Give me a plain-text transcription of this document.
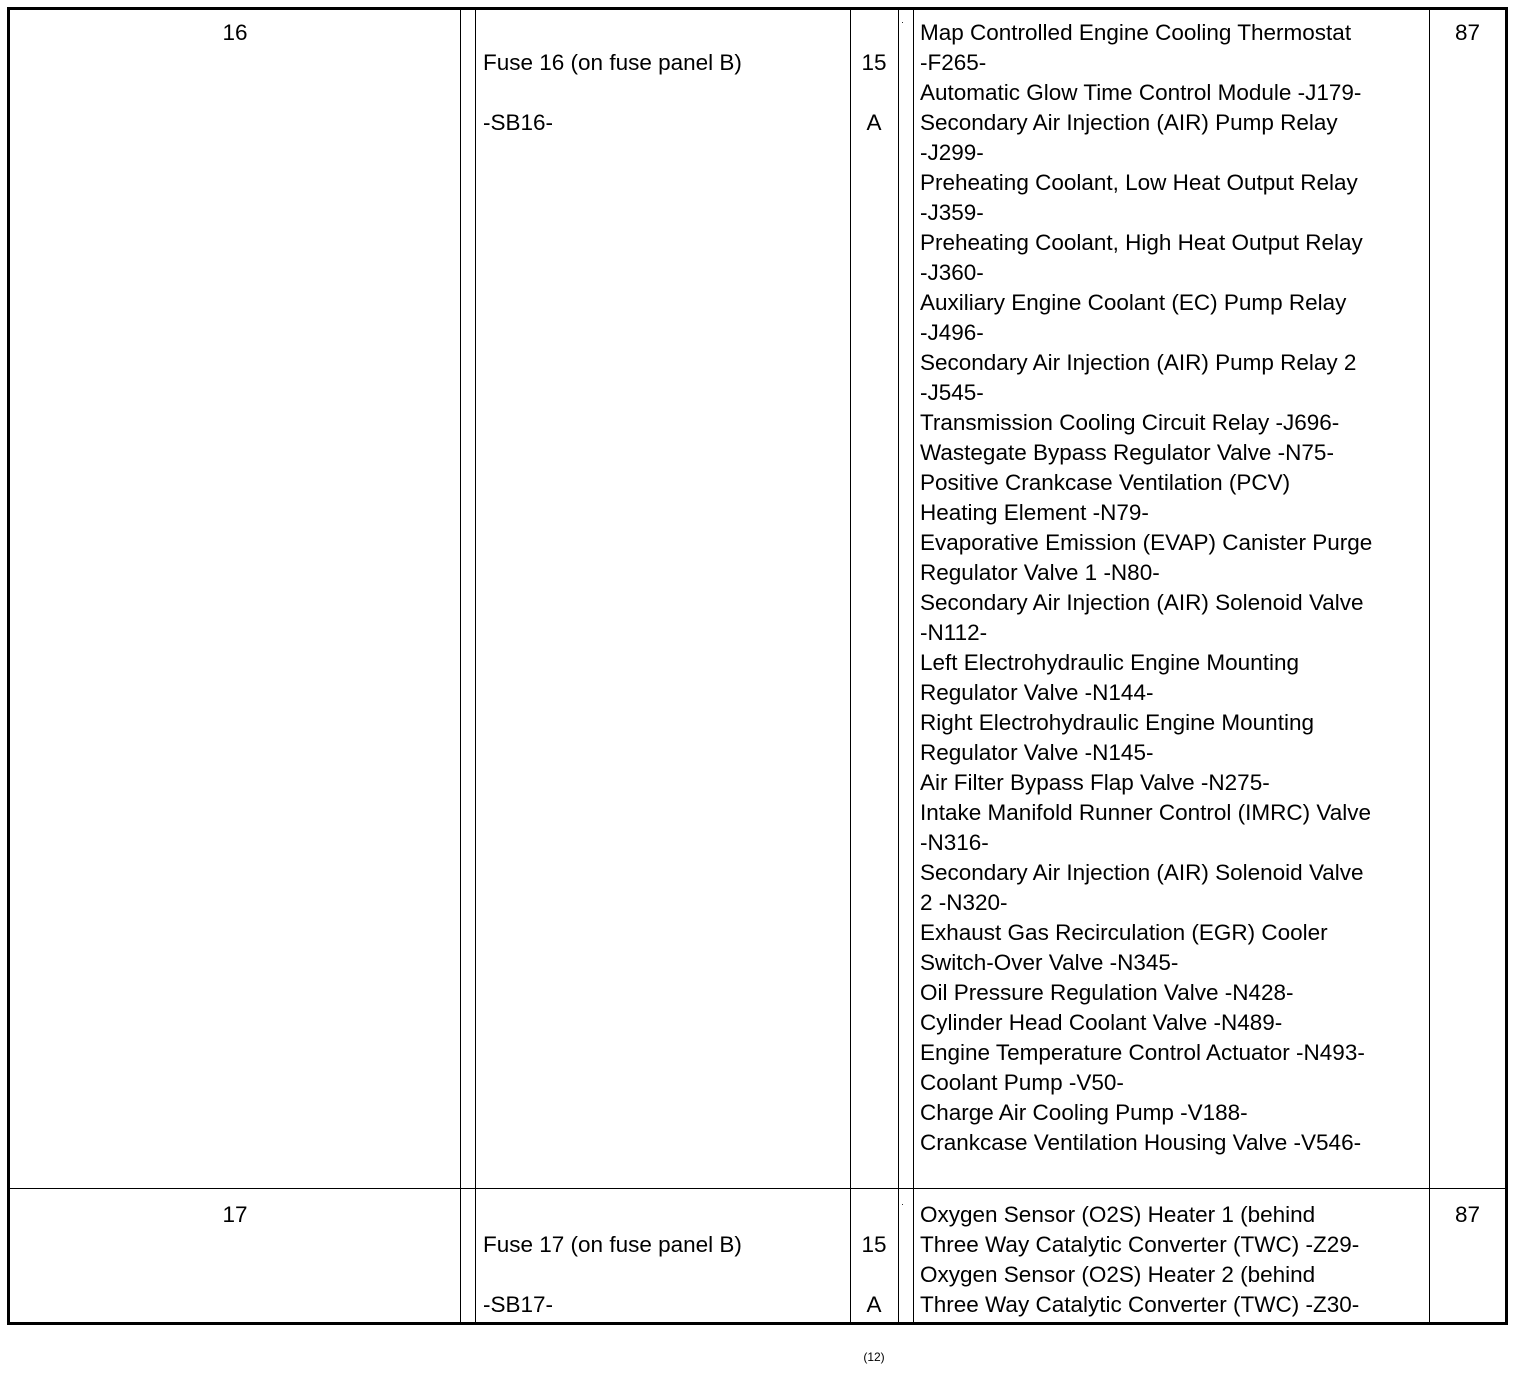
16

Fuse 16 (on fuse panel B)

-SB16-

15

A

· Map Controlled Engine Cooling Thermostat
-F265-
Automatic Glow Time Control Module -J179-
Secondary Air Injection (AIR) Pump Relay
-J299-
Preheating Coolant, Low Heat Output Relay
-J359-
Preheating Coolant, High Heat Output Relay
-J360-
Auxiliary Engine Coolant (EC) Pump Relay
-J496-
Secondary Air Injection (AIR) Pump Relay 2
-J545-
Transmission Cooling Circuit Relay -J696-
Wastegate Bypass Regulator Valve -N75-
Positive Crankcase Ventilation (PCV)
Heating Element -N79-
Evaporative Emission (EVAP) Canister Purge
Regulator Valve 1 -N80-
Secondary Air Injection (AIR) Solenoid Valve
-N112-
Left Electrohydraulic Engine Mounting
Regulator Valve -N144-
Right Electrohydraulic Engine Mounting
Regulator Valve -N145-
Air Filter Bypass Flap Valve -N275-
Intake Manifold Runner Control (IMRC) Valve
-N316-
Secondary Air Injection (AIR) Solenoid Valve
2 -N320-
Exhaust Gas Recirculation (EGR) Cooler
Switch-Over Valve -N345-
Oil Pressure Regulation Valve -N428-
Cylinder Head Coolant Valve -N489-
Engine Temperature Control Actuator -N493-
Coolant Pump -V50-
Charge Air Cooling Pump -V188-
Crankcase Ventilation Housing Valve -V546-
87
17

Fuse 17 (on fuse panel B)

-SB17-

15

A

(12)

· Oxygen Sensor (O2S) Heater 1 (behind
Three Way Catalytic Converter (TWC) -Z29-
Oxygen Sensor (O2S) Heater 2 (behind
Three Way Catalytic Converter (TWC) -Z30-
87
